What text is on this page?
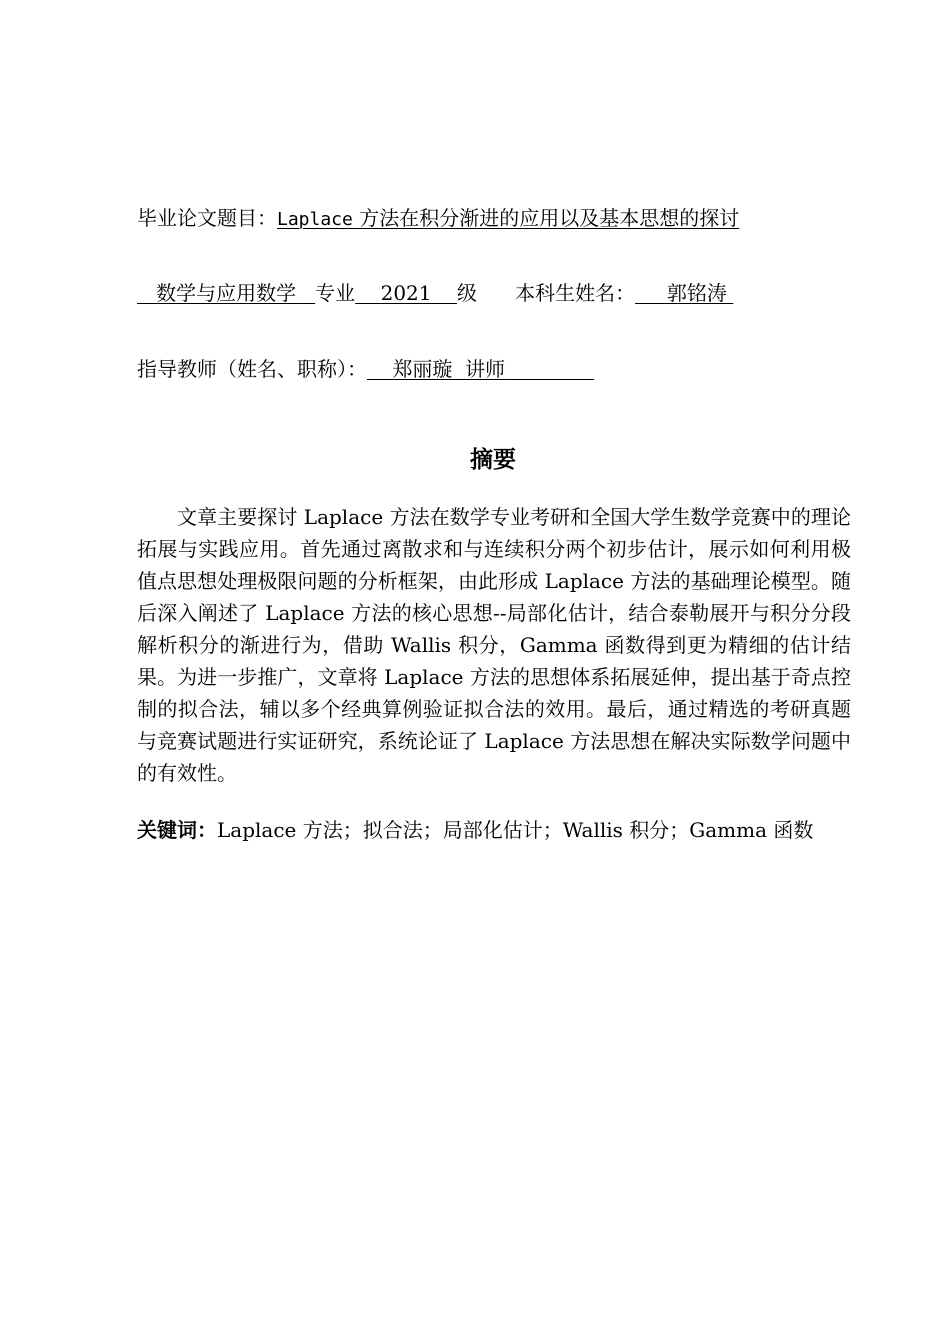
毕业论文题目：Laplace 方法在积分渐进的应用以及基本思想的探讨
数学与应用数学 专业 2021 级 本科生姓名： 郭铭涛
指导教师（姓名、职称）： 郑丽璇  讲师
摘要

文章主要探讨 Laplace 方法在数学专业考研和全国大学生数学竞赛中的理论拓展与实践应用。首先通过离散求和与连续积分两个初步估计，展示如何利用极值点思想处理极限问题的分析框架，由此形成 Laplace 方法的基础理论模型。随后深入阐述了 Laplace 方法的核心思想--局部化估计，结合泰勒展开与积分分段解析积分的渐进行为，借助 Wallis 积分，Gamma 函数得到更为精细的估计结果。为进一步推广，文章将 Laplace 方法的思想体系拓展延伸，提出基于奇点控制的拟合法，辅以多个经典算例验证拟合法的效用。最后，通过精选的考研真题与竞赛试题进行实证研究，系统论证了 Laplace 方法思想在解决实际数学问题中的有效性。

关键词：Laplace 方法；拟合法；局部化估计；Wallis 积分；Gamma 函数
